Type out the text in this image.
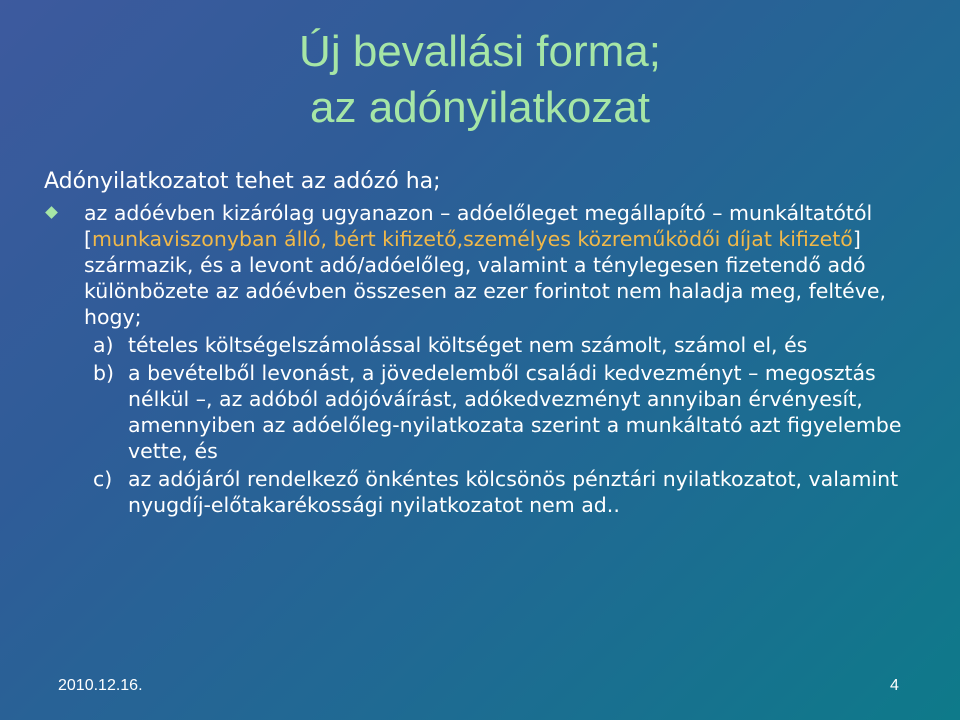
Új bevallási forma;
az adónyilatkozat

Adónyilatkozatot tehet az adózó ha;

az adóévben kizárólag ugyanazon – adóelőleget megállapító – munkáltatótól [munkaviszonyban álló, bért kifizető,személyes közreműködői díjat kifizető] származik, és a levont adó/adóelőleg, valamint a ténylegesen fizetendő adó különbözete az adóévben összesen az ezer forintot nem haladja meg, feltéve, hogy;
a) tételes költségelszámolással költséget nem számolt, számol el, és
b) a bevételből levonást, a jövedelemből családi kedvezményt – megosztás nélkül –, az adóból adójóváírást, adókedvezményt annyiban érvényesít, amennyiben az adóelőleg-nyilatkozata szerint a munkáltató azt figyelembe vette, és
c) az adójáról rendelkező önkéntes kölcsönös pénztári nyilatkozatot, valamint nyugdíj-előtakarékossági nyilatkozatot nem ad..
2010.12.16.	4
